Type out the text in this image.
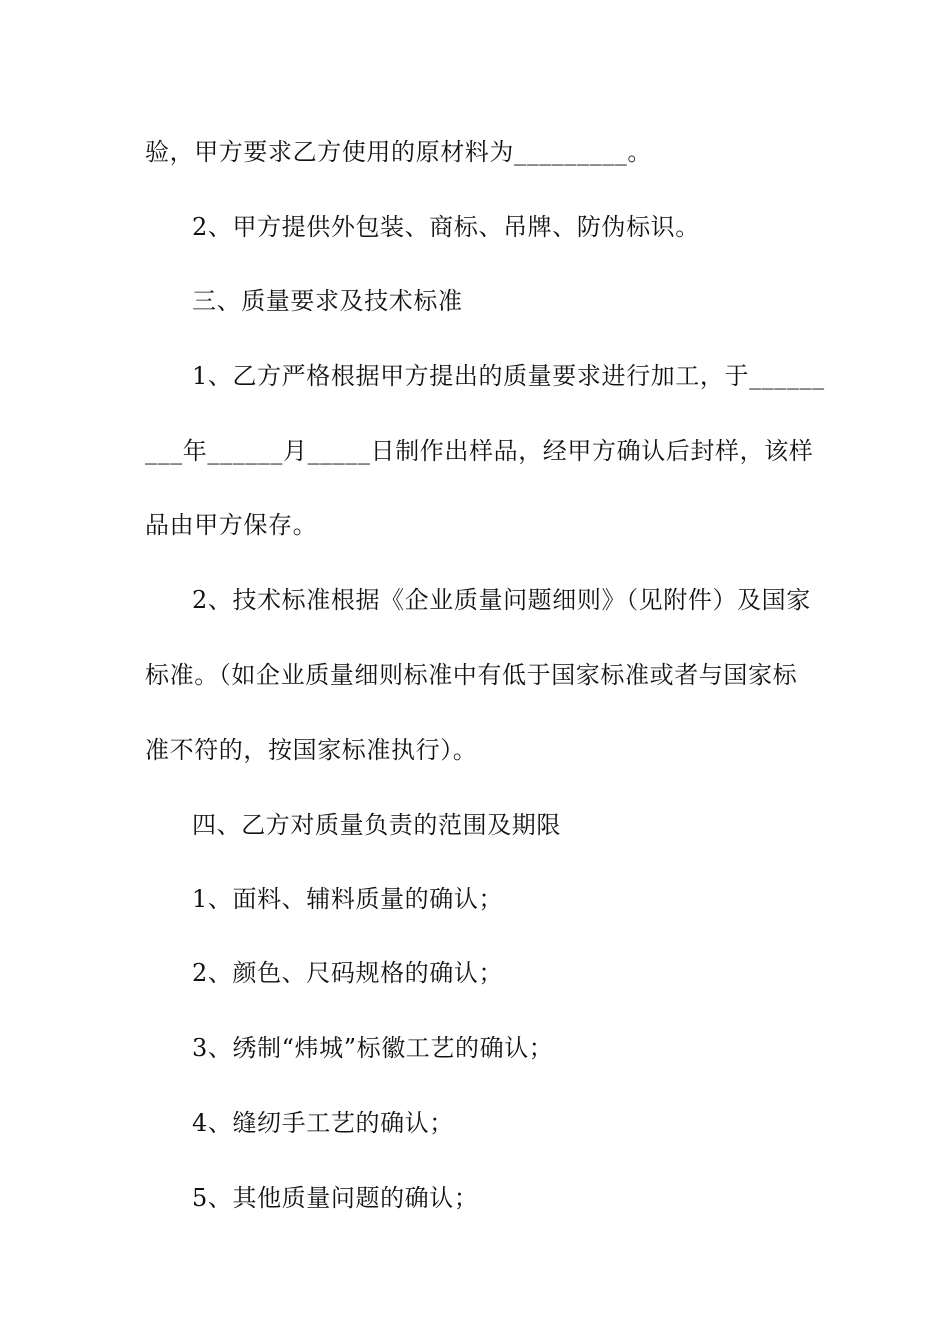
验，甲方要求乙方使用的原材料为_________。
2、甲方提供外包装、商标、吊牌、防伪标识。
三、质量要求及技术标准
1、乙方严格根据甲方提出的质量要求进行加工，于______
___年______月_____日制作出样品，经甲方确认后封样，该样
品由甲方保存。
2、技术标准根据《企业质量问题细则》（见附件）及国家
标准。（如企业质量细则标准中有低于国家标准或者与国家标
准不符的，按国家标准执行）。
四、乙方对质量负责的范围及期限
1、面料、辅料质量的确认；
2、颜色、尺码规格的确认；
3、绣制“炜城”标徽工艺的确认；
4、缝纫手工艺的确认；
5、其他质量问题的确认；
